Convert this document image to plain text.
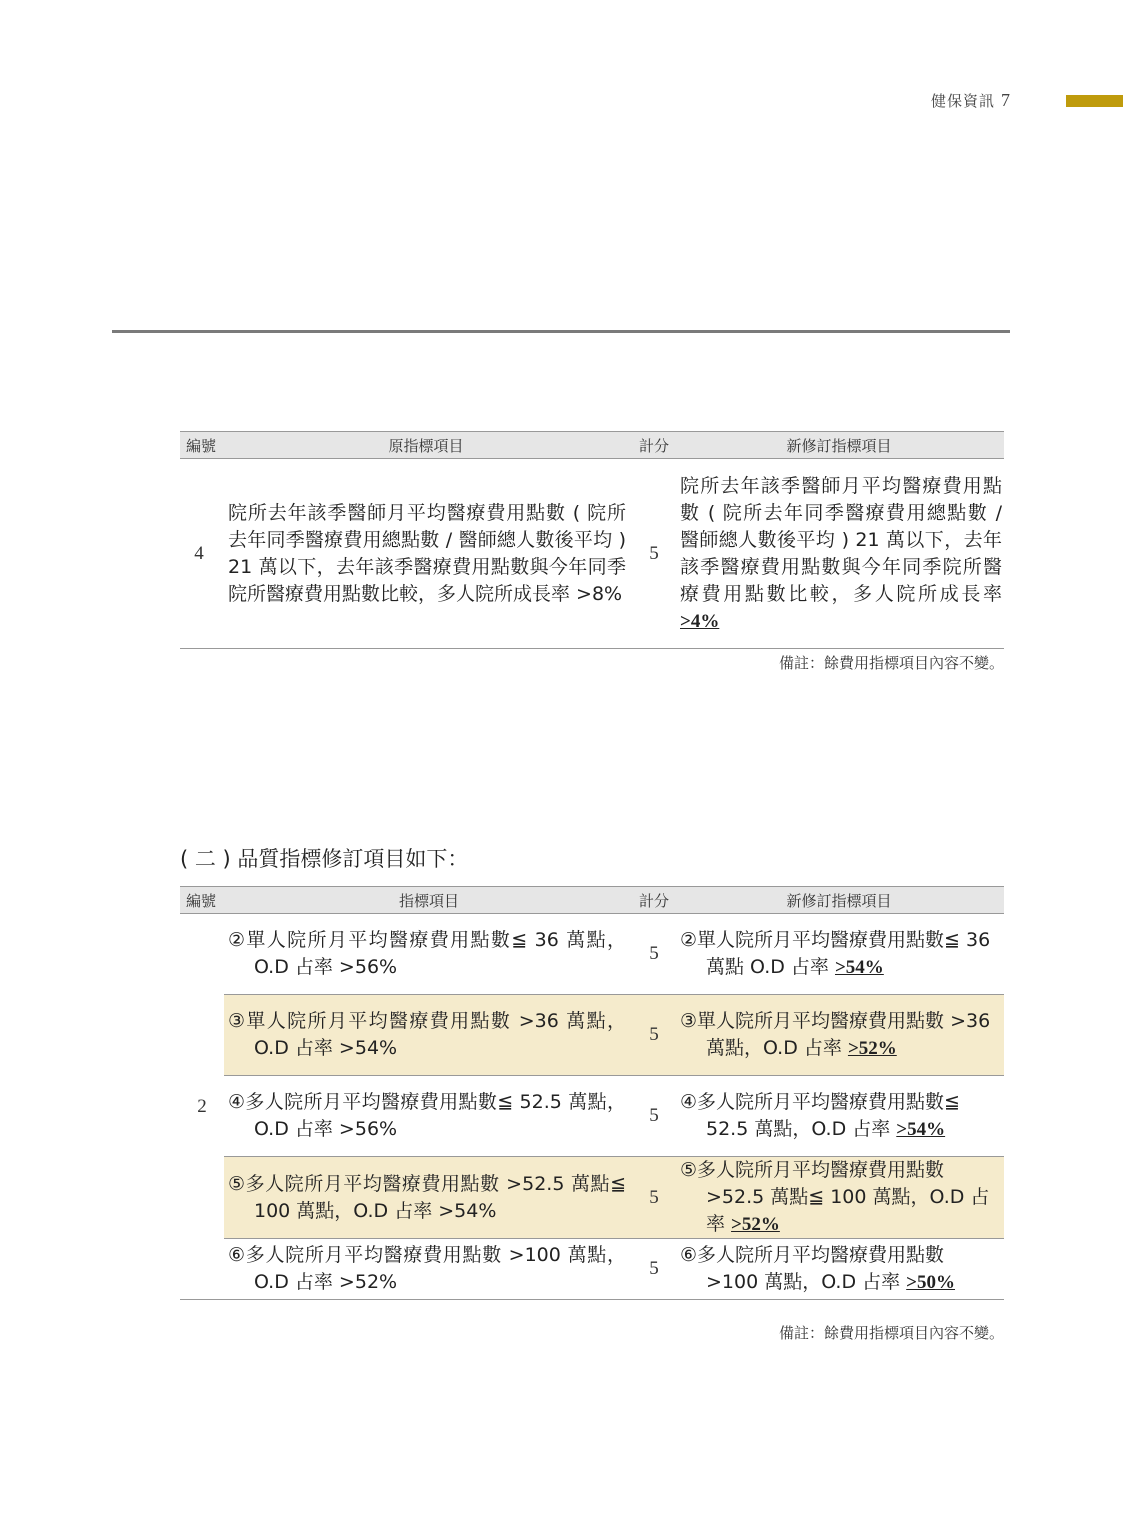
健保資訊 7
編號	原指標項目	計分	新修訂指標項目
4	院所去年該季醫師月平均醫療費用點數 ( 院所去年同季醫療費用總點數 / 醫師總人數後平均 ) 21 萬以下，去年該季醫療費用點數與今年同季院所醫療費用點數比較，多人院所成長率 >8%	5	院所去年該季醫師月平均醫療費用點數 ( 院所去年同季醫療費用總點數 / 醫師總人數後平均 ) 21 萬以下，去年該季醫療費用點數與今年同季院所醫療費用點數比較，多人院所成長率 >4%
備註：餘費用指標項目內容不變。
( 二 ) 品質指標修訂項目如下：
編號	指標項目	計分	新修訂指標項目
2	②單人院所月平均醫療費用點數≦ 36 萬點，O.D 占率 >56%	5	②單人院所月平均醫療費用點數≦ 36 萬點 O.D 占率 >54%

	③單人院所月平均醫療費用點數 >36 萬點，O.D 占率 >54%	5	③單人院所月平均醫療費用點數 >36 萬點，O.D 占率 >52%

	④多人院所月平均醫療費用點數≦ 52.5 萬點，O.D 占率 >56%	5	④多人院所月平均醫療費用點數≦ 52.5 萬點，O.D 占率 >54%

	⑤多人院所月平均醫療費用點數 >52.5 萬點≦ 100 萬點，O.D 占率 >54%	5	⑤多人院所月平均醫療費用點數 >52.5 萬點≦ 100 萬點，O.D 占率 >52%

	⑥多人院所月平均醫療費用點數 >100 萬點，O.D 占率 >52%	5	⑥多人院所月平均醫療費用點數 >100 萬點，O.D 占率 >50%
備註：餘費用指標項目內容不變。
